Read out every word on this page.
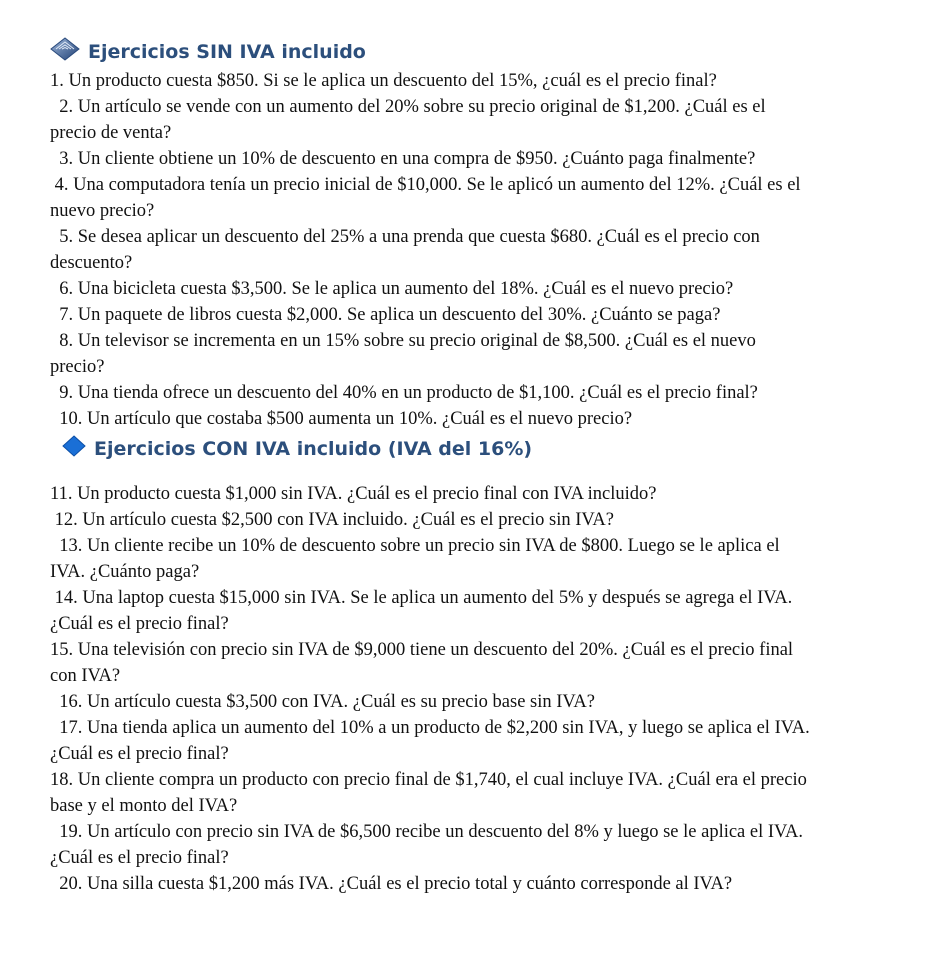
Ejercicios SIN IVA incluido

1. Un producto cuesta $850. Si se le aplica un descuento del 15%, ¿cuál es el precio final?

2. Un artículo se vende con un aumento del 20% sobre su precio original de $1,200. ¿Cuál es el
precio de venta?

3. Un cliente obtiene un 10% de descuento en una compra de $950. ¿Cuánto paga finalmente?

4. Una computadora tenía un precio inicial de $10,000. Se le aplicó un aumento del 12%. ¿Cuál es el
nuevo precio?

5. Se desea aplicar un descuento del 25% a una prenda que cuesta $680. ¿Cuál es el precio con
descuento?

6. Una bicicleta cuesta $3,500. Se le aplica un aumento del 18%. ¿Cuál es el nuevo precio?

7. Un paquete de libros cuesta $2,000. Se aplica un descuento del 30%. ¿Cuánto se paga?

8. Un televisor se incrementa en un 15% sobre su precio original de $8,500. ¿Cuál es el nuevo
precio?

9. Una tienda ofrece un descuento del 40% en un producto de $1,100. ¿Cuál es el precio final?

10. Un artículo que costaba $500 aumenta un 10%. ¿Cuál es el nuevo precio?

Ejercicios CON IVA incluido (IVA del 16%)

11. Un producto cuesta $1,000 sin IVA. ¿Cuál es el precio final con IVA incluido?

12. Un artículo cuesta $2,500 con IVA incluido. ¿Cuál es el precio sin IVA?

13. Un cliente recibe un 10% de descuento sobre un precio sin IVA de $800. Luego se le aplica el
IVA. ¿Cuánto paga?

14. Una laptop cuesta $15,000 sin IVA. Se le aplica un aumento del 5% y después se agrega el IVA.
¿Cuál es el precio final?

15. Una televisión con precio sin IVA de $9,000 tiene un descuento del 20%. ¿Cuál es el precio final
con IVA?

16. Un artículo cuesta $3,500 con IVA. ¿Cuál es su precio base sin IVA?

17. Una tienda aplica un aumento del 10% a un producto de $2,200 sin IVA, y luego se aplica el IVA.
¿Cuál es el precio final?

18. Un cliente compra un producto con precio final de $1,740, el cual incluye IVA. ¿Cuál era el precio
base y el monto del IVA?

19. Un artículo con precio sin IVA de $6,500 recibe un descuento del 8% y luego se le aplica el IVA.
¿Cuál es el precio final?

20. Una silla cuesta $1,200 más IVA. ¿Cuál es el precio total y cuánto corresponde al IVA?
